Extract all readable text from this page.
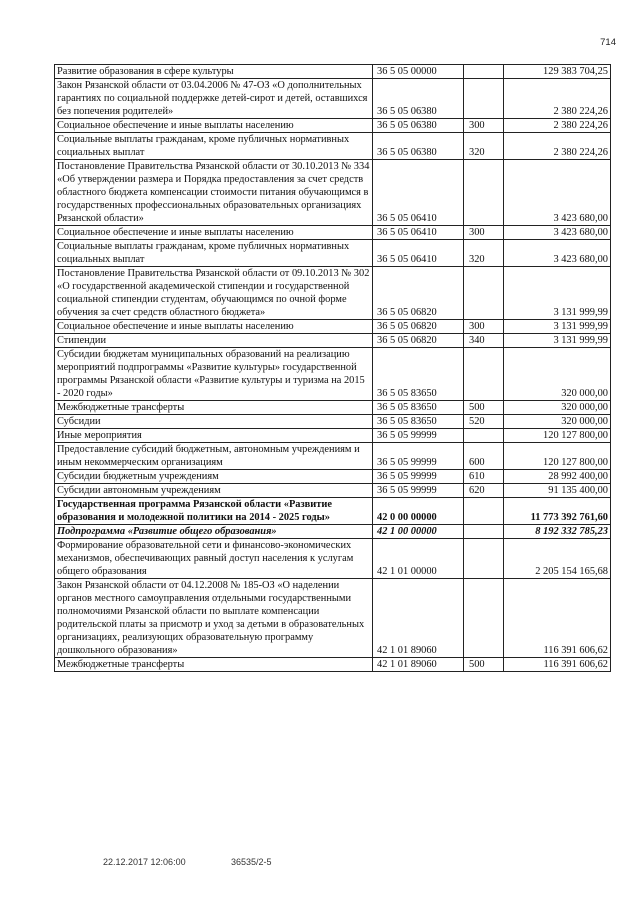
714
Развитие образования в сфере культуры	36 5 05 00000		129 383 704,25
Закон Рязанской области от 03.04.2006 № 47-ОЗ «О дополнительных гарантиях по социальной поддержке детей-сирот и детей, оставшихся без попечения родителей»	36 5 05 06380		2 380 224,26
Социальное обеспечение и иные выплаты населению	36 5 05 06380	300	2 380 224,26
Социальные выплаты гражданам, кроме публичных нормативных социальных выплат	36 5 05 06380	320	2 380 224,26
Постановление Правительства Рязанской области от 30.10.2013 № 334 «Об утверждении размера и Порядка предоставления за счет средств областного бюджета компенсации стоимости питания обучающимся в государственных профессиональных образовательных организациях Рязанской области»	36 5 05 06410		3 423 680,00
Социальное обеспечение и иные выплаты населению	36 5 05 06410	300	3 423 680,00
Социальные выплаты гражданам, кроме публичных нормативных социальных выплат	36 5 05 06410	320	3 423 680,00
Постановление Правительства Рязанской области от 09.10.2013 № 302 «О государственной академической стипендии и государственной социальной стипендии студентам, обучающимся по очной форме обучения за счет средств областного бюджета»	36 5 05 06820		3 131 999,99
Социальное обеспечение и иные выплаты населению	36 5 05 06820	300	3 131 999,99
Стипендии	36 5 05 06820	340	3 131 999,99
Субсидии бюджетам муниципальных образований на реализацию мероприятий подпрограммы «Развитие культуры» государственной программы Рязанской области «Развитие культуры и туризма на 2015 - 2020 годы»	36 5 05 83650		320 000,00
Межбюджетные трансферты	36 5 05 83650	500	320 000,00
Субсидии	36 5 05 83650	520	320 000,00
Иные мероприятия	36 5 05 99999		120 127 800,00
Предоставление субсидий бюджетным, автономным учреждениям и иным некоммерческим организациям	36 5 05 99999	600	120 127 800,00
Субсидии бюджетным учреждениям	36 5 05 99999	610	28 992 400,00
Субсидии автономным учреждениям	36 5 05 99999	620	91 135 400,00
Государственная программа Рязанской области «Развитие образования и молодежной политики на 2014 - 2025 годы»	42 0 00 00000		11 773 392 761,60
Подпрограмма «Развитие общего образования»	42 1 00 00000		8 192 332 785,23
Формирование образовательной сети и финансово-экономических механизмов, обеспечивающих равный доступ населения к услугам общего образования	42 1 01 00000		2 205 154 165,68
Закон Рязанской области от 04.12.2008 № 185-ОЗ «О наделении органов местного самоуправления отдельными государственными полномочиями Рязанской области по выплате компенсации родительской платы за присмотр и уход за детьми в образовательных организациях, реализующих образовательную программу дошкольного образования»	42 1 01 89060		116 391 606,62
Межбюджетные трансферты	42 1 01 89060	500	116 391 606,62
22.12.2017 12:06:00	36535/2-5
